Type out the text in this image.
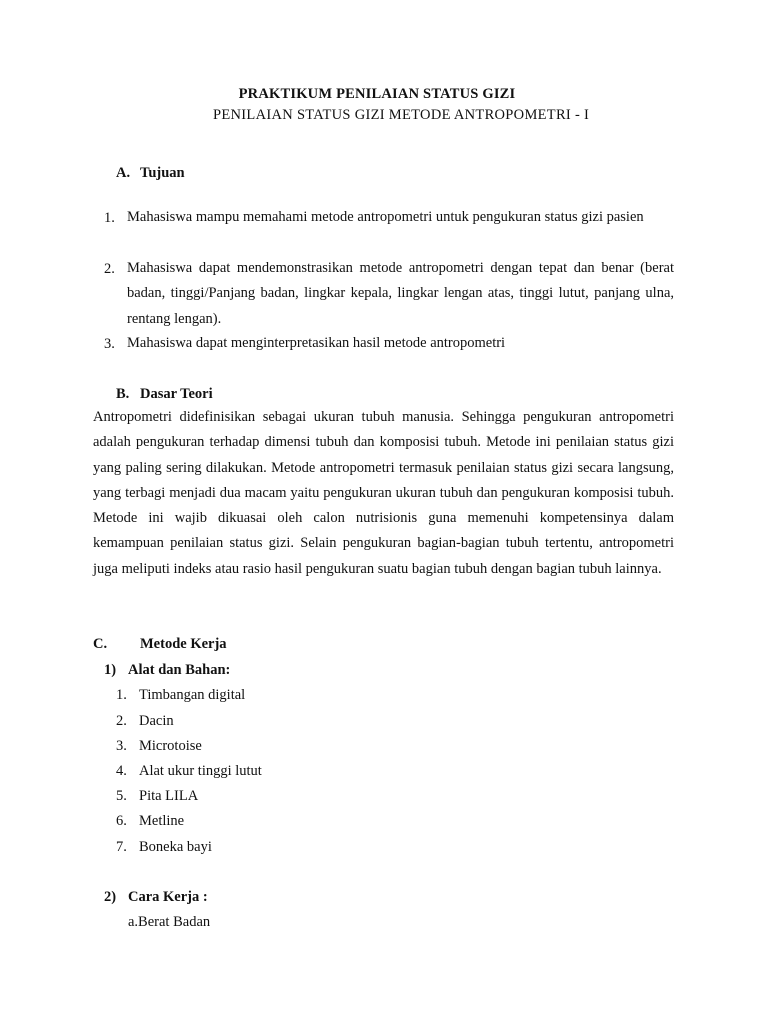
PRAKTIKUM PENILAIAN STATUS GIZI
PENILAIAN STATUS GIZI METODE ANTROPOMETRI - I
A. Tujuan
1. Mahasiswa mampu memahami metode antropometri untuk pengukuran status gizi pasien
2. Mahasiswa dapat mendemonstrasikan metode antropometri dengan tepat dan benar (berat badan, tinggi/Panjang badan, lingkar kepala, lingkar lengan atas, tinggi lutut, panjang ulna, rentang lengan).
3. Mahasiswa dapat menginterpretasikan hasil metode antropometri
B. Dasar Teori
Antropometri didefinisikan sebagai ukuran tubuh manusia. Sehingga pengukuran antropometri adalah pengukuran terhadap dimensi tubuh dan komposisi tubuh. Metode ini penilaian status gizi yang paling sering dilakukan. Metode antropometri termasuk penilaian status gizi secara langsung, yang terbagi menjadi dua macam yaitu pengukuran ukuran tubuh dan pengukuran komposisi tubuh. Metode ini wajib dikuasai oleh calon nutrisionis guna memenuhi kompetensinya dalam kemampuan penilaian status gizi. Selain pengukuran bagian-bagian tubuh tertentu, antropometri juga meliputi indeks atau rasio hasil pengukuran suatu bagian tubuh dengan bagian tubuh lainnya.
C. Metode Kerja
1) Alat dan Bahan:
1. Timbangan digital
2. Dacin
3. Microtoise
4. Alat ukur tinggi lutut
5. Pita LILA
6. Metline
7. Boneka bayi
2) Cara Kerja :
a.Berat Badan
